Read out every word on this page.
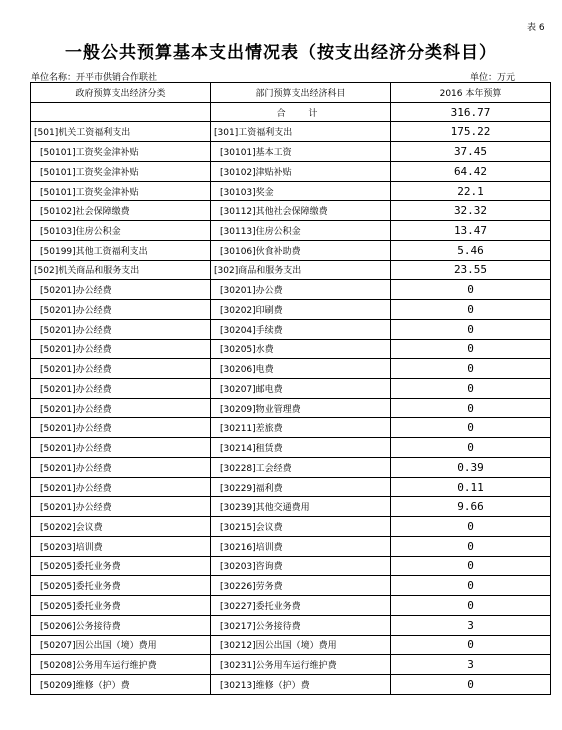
表 6
一般公共预算基本支出情况表（按支出经济分类科目）
单位名称：开平市供销合作联社	单位：万元
政府预算支出经济分类	部门预算支出经济科目	2016 本年预算
	合 计	316.77
[501]机关工资福利支出	[301]工资福利支出	175.22
[50101]工资奖金津补贴	[30101]基本工资	37.45
[50101]工资奖金津补贴	[30102]津贴补贴	64.42
[50101]工资奖金津补贴	[30103]奖金	22.1
[50102]社会保障缴费	[30112]其他社会保障缴费	32.32
[50103]住房公积金	[30113]住房公积金	13.47
[50199]其他工资福利支出	[30106]伙食补助费	5.46
[502]机关商品和服务支出	[302]商品和服务支出	23.55
[50201]办公经费	[30201]办公费	0
[50201]办公经费	[30202]印刷费	0
[50201]办公经费	[30204]手续费	0
[50201]办公经费	[30205]水费	0
[50201]办公经费	[30206]电费	0
[50201]办公经费	[30207]邮电费	0
[50201]办公经费	[30209]物业管理费	0
[50201]办公经费	[30211]差旅费	0
[50201]办公经费	[30214]租赁费	0
[50201]办公经费	[30228]工会经费	0.39
[50201]办公经费	[30229]福利费	0.11
[50201]办公经费	[30239]其他交通费用	9.66
[50202]会议费	[30215]会议费	0
[50203]培训费	[30216]培训费	0
[50205]委托业务费	[30203]咨询费	0
[50205]委托业务费	[30226]劳务费	0
[50205]委托业务费	[30227]委托业务费	0
[50206]公务接待费	[30217]公务接待费	3
[50207]因公出国（境）费用	[30212]因公出国（境）费用	0
[50208]公务用车运行维护费	[30231]公务用车运行维护费	3
[50209]维修（护）费	[30213]维修（护）费	0
